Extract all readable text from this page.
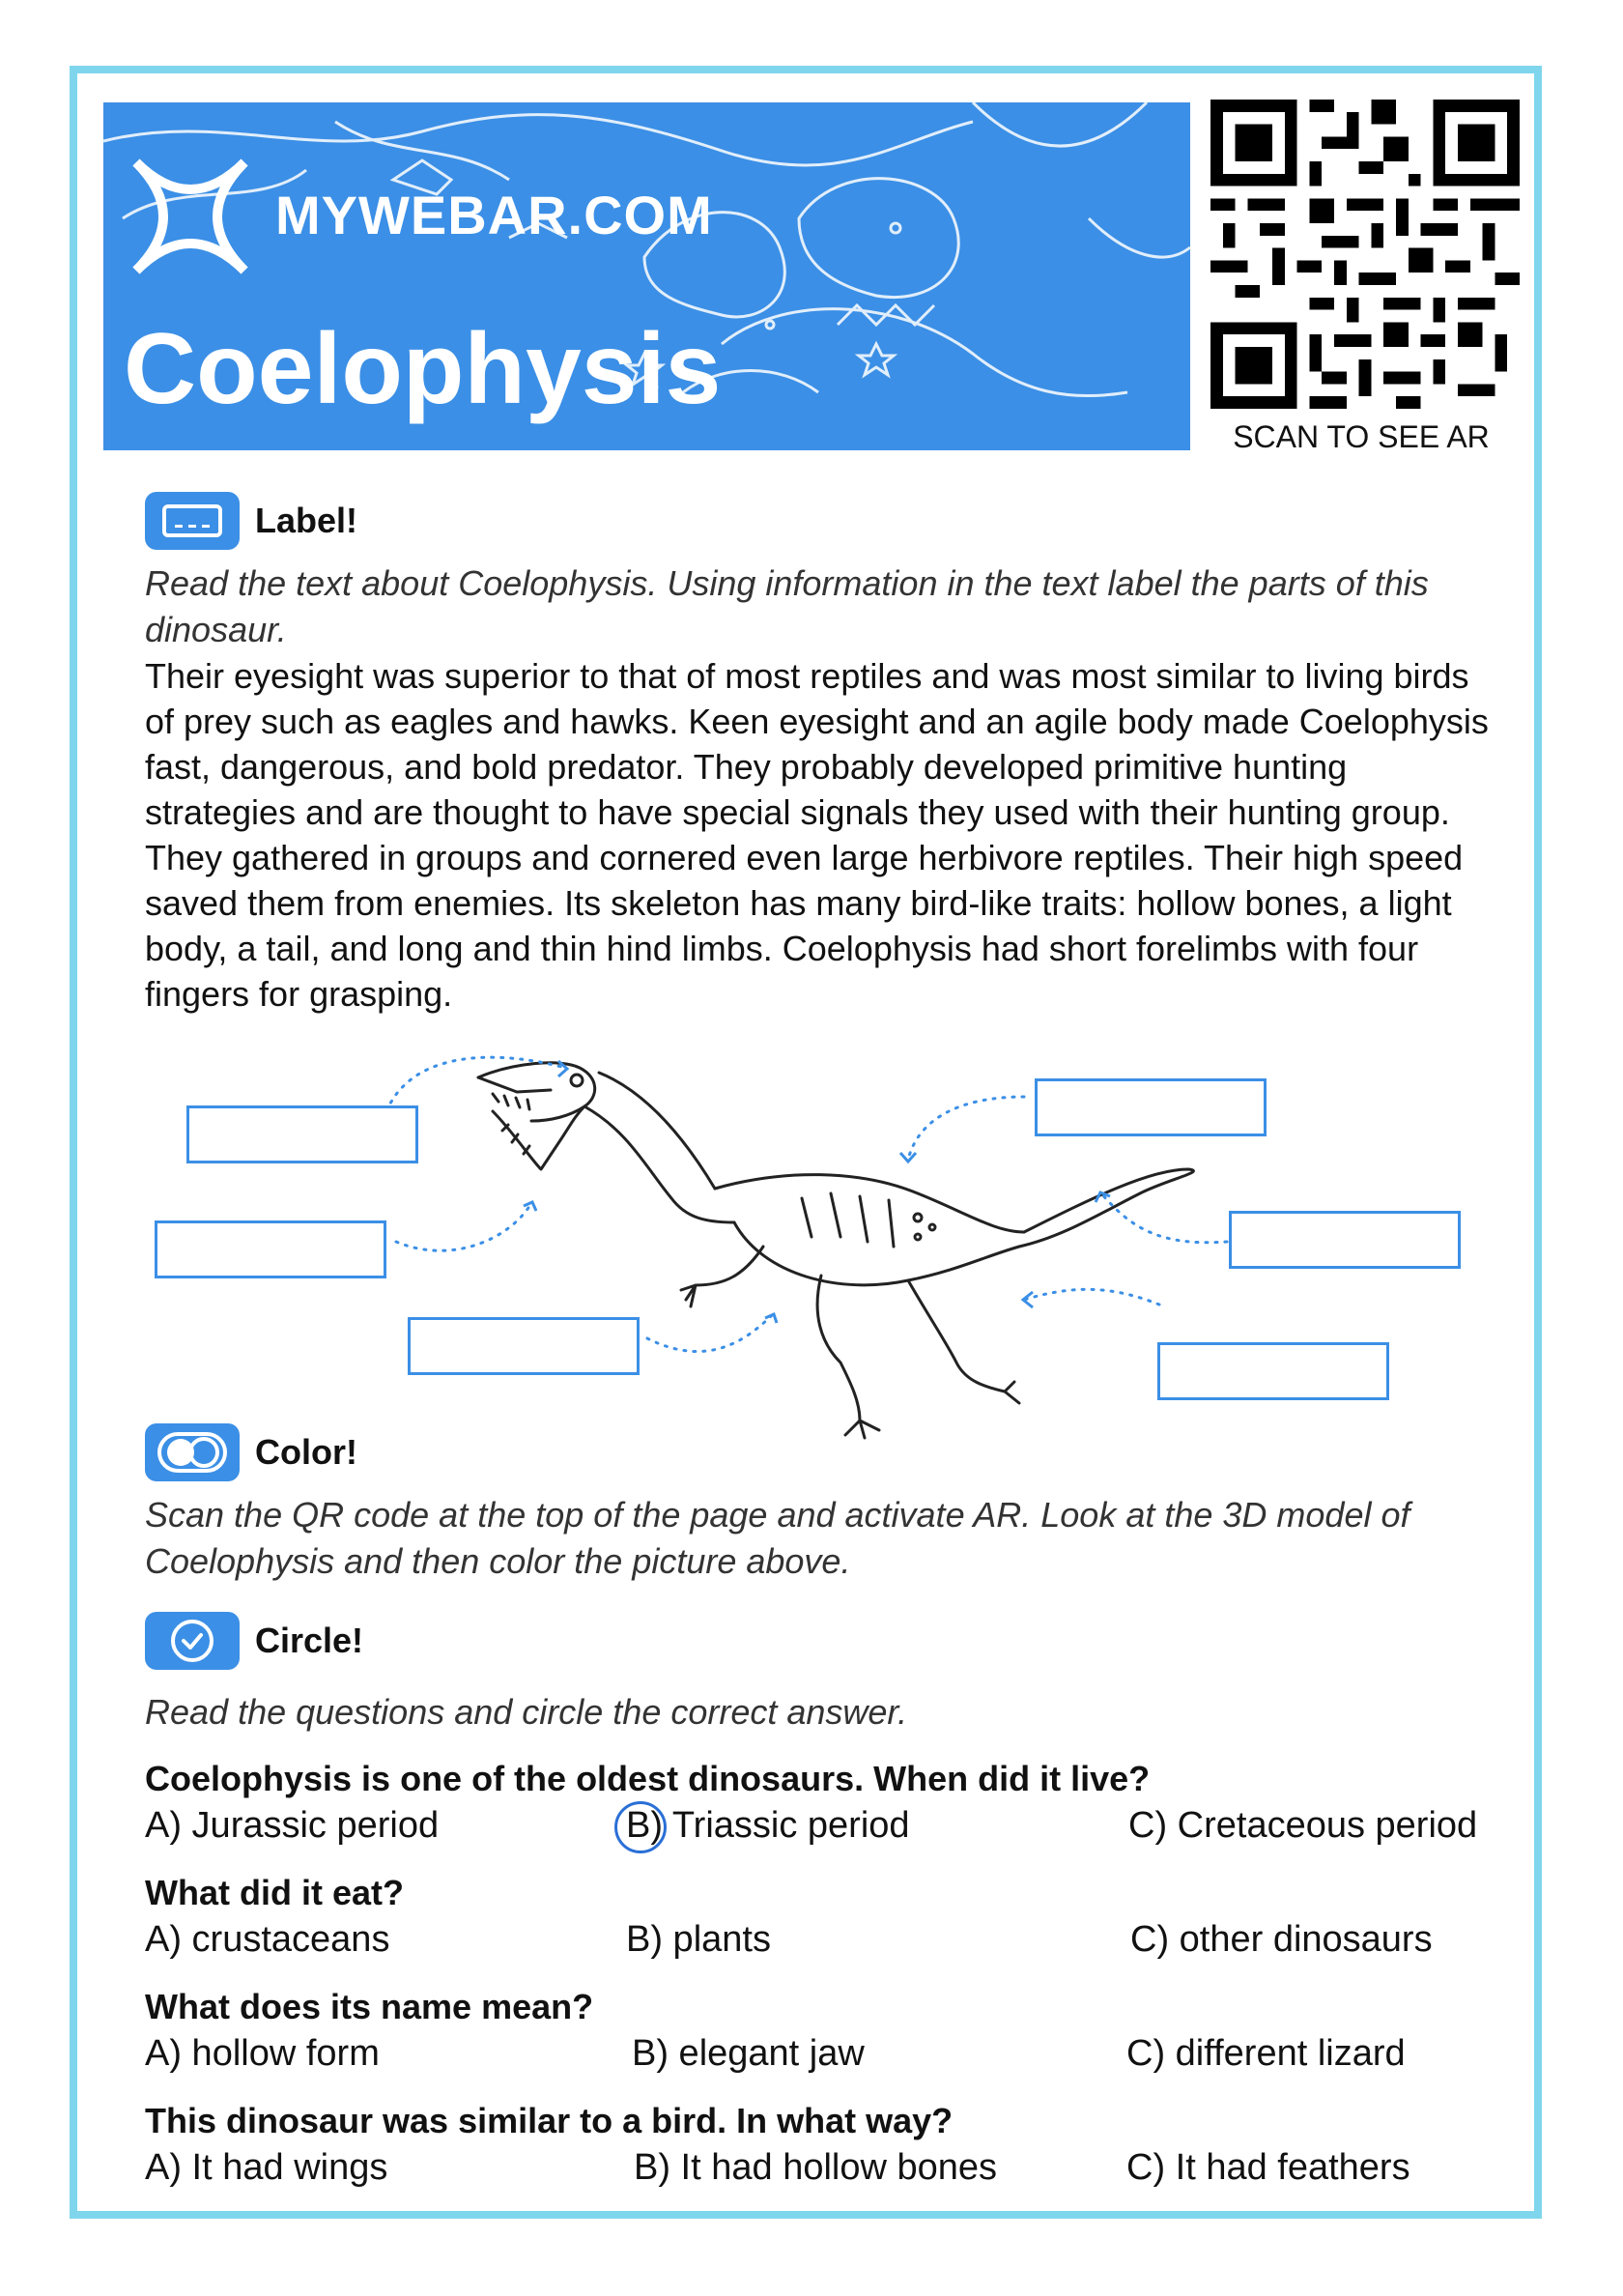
MYWEBAR.COM
Coelophysis
SCAN TO SEE AR
Label!
Read the text about Coelophysis. Using information in the text label the parts of this dinosaur.
Their eyesight was superior to that of most reptiles and was most similar to living birds of prey such as eagles and hawks. Keen eyesight and an agile body made Coelophysis fast, dangerous, and bold predator. They probably developed primitive hunting strategies and are thought to have special signals they used with their hunting group. They gathered in groups and cornered even large herbivore reptiles. Their high speed saved them from enemies. Its skeleton has many bird-like traits: hollow bones, a light body, a tail, and long and thin hind limbs. Coelophysis had short forelimbs with four fingers for grasping.
Color!
Scan the QR code at the top of the page and activate AR. Look at the 3D model of Coelophysis and then color the picture above.
Circle!
Read the questions and circle the correct answer.
Coelophysis is one of the oldest dinosaurs. When did it live?
A) Jurassic period	B) Triassic period	C) Cretaceous period
What did it eat?
A) crustaceans	B) plants	C) other dinosaurs
What does its name mean?
A) hollow form	B) elegant jaw	C) different lizard
This dinosaur was similar to a bird. In what way?
A) It had wings	B) It had hollow bones	C) It had feathers
